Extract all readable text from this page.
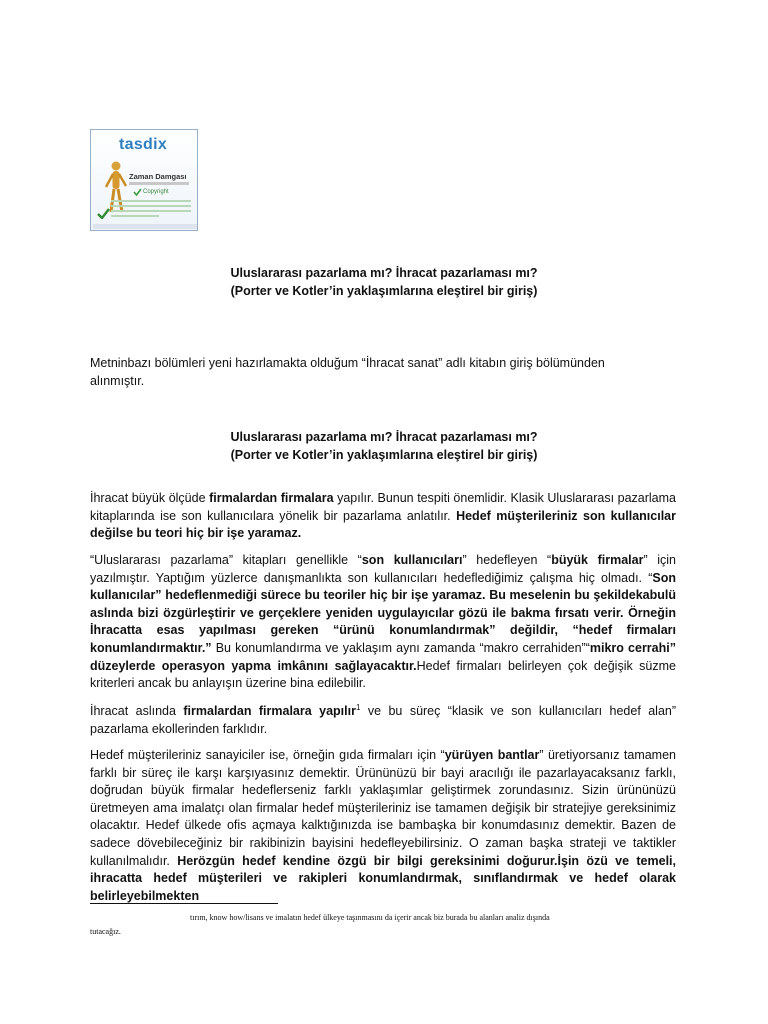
tasdix
Zaman Damgası
Copyright
Uluslararası pazarlama mı? İhracat pazarlaması mı?
(Porter ve Kotler’in yaklaşımlarına eleştirel bir giriş)
Metninbazı bölümleri yeni hazırlamakta olduğum “İhracat sanat” adlı kitabın giriş bölümünden
alınmıştır.
Uluslararası pazarlama mı? İhracat pazarlaması mı?
(Porter ve Kotler’in yaklaşımlarına eleştirel bir giriş)
İhracat büyük ölçüde firmalardan firmalara yapılır. Bunun tespiti önemlidir. Klasik Uluslararası pazarlama kitaplarında ise son kullanıcılara yönelik bir pazarlama anlatılır. Hedef müşterileriniz son kullanıcılar değilse bu teori hiç bir işe yaramaz.
“Uluslararası pazarlama” kitapları genellikle “son kullanıcıları” hedefleyen “büyük firmalar” için yazılmıştır. Yaptığım yüzlerce danışmanlıkta son kullanıcıları hedeflediğimiz çalışma hiç olmadı. “Son kullanıcılar” hedeflenmediği sürece bu teoriler hiç bir işe yaramaz. Bu meselenin bu şekildekabulü aslında bizi özgürleştirir ve gerçeklere yeniden uygulayıcılar gözü ile bakma fırsatı verir. Örneğin İhracatta esas yapılması gereken “ürünü konumlandırmak” değildir, “hedef firmaları konumlandırmaktır.” Bu konumlandırma ve yaklaşım aynı zamanda “makro cerrahiden”“mikro cerrahi” düzeylerde operasyon yapma imkânını sağlayacaktır.Hedef firmaları belirleyen çok değişik süzme kriterleri ancak bu anlayışın üzerine bina edilebilir.
İhracat aslında firmalardan firmalara yapılır$^1$ ve bu süreç “klasik ve son kullanıcıları hedef alan” pazarlama ekollerinden farklıdır.
Hedef müşterileriniz sanayiciler ise, örneğin gıda firmaları için “yürüyen bantlar” üretiyorsanız tamamen farklı bir süreç ile karşı karşıyasınız demektir. Ürününüzü bir bayi aracılığı ile pazarlayacaksanız farklı, doğrudan büyük firmalar hedeflerseniz farklı yaklaşımlar geliştirmek zorundasınız. Sizin ürününüzü üretmeyen ama imalatçı olan firmalar hedef müşterileriniz ise tamamen değişik bir stratejiye gereksinimiz olacaktır. Hedef ülkede ofis açmaya kalktığınızda ise bambaşka bir konumdasınız demektir. Bazen de sadece dövebileceğiniz bir rakibinizin bayisini hedefleyebilirsiniz. O zaman başka strateji ve taktikler kullanılmalıdır. Herözgün hedef kendine özgü bir bilgi gereksinimi doğurur.İşin özü ve temeli, ihracatta hedef müşterileri ve rakipleri konumlandırmak, sınıflandırmak ve hedef olarak belirleyebilmekten
tırım, know how/lisans ve imalatın hedef ülkeye taşınmasını da içerir ancak biz burada bu alanları analiz dışında
tutacağız.
